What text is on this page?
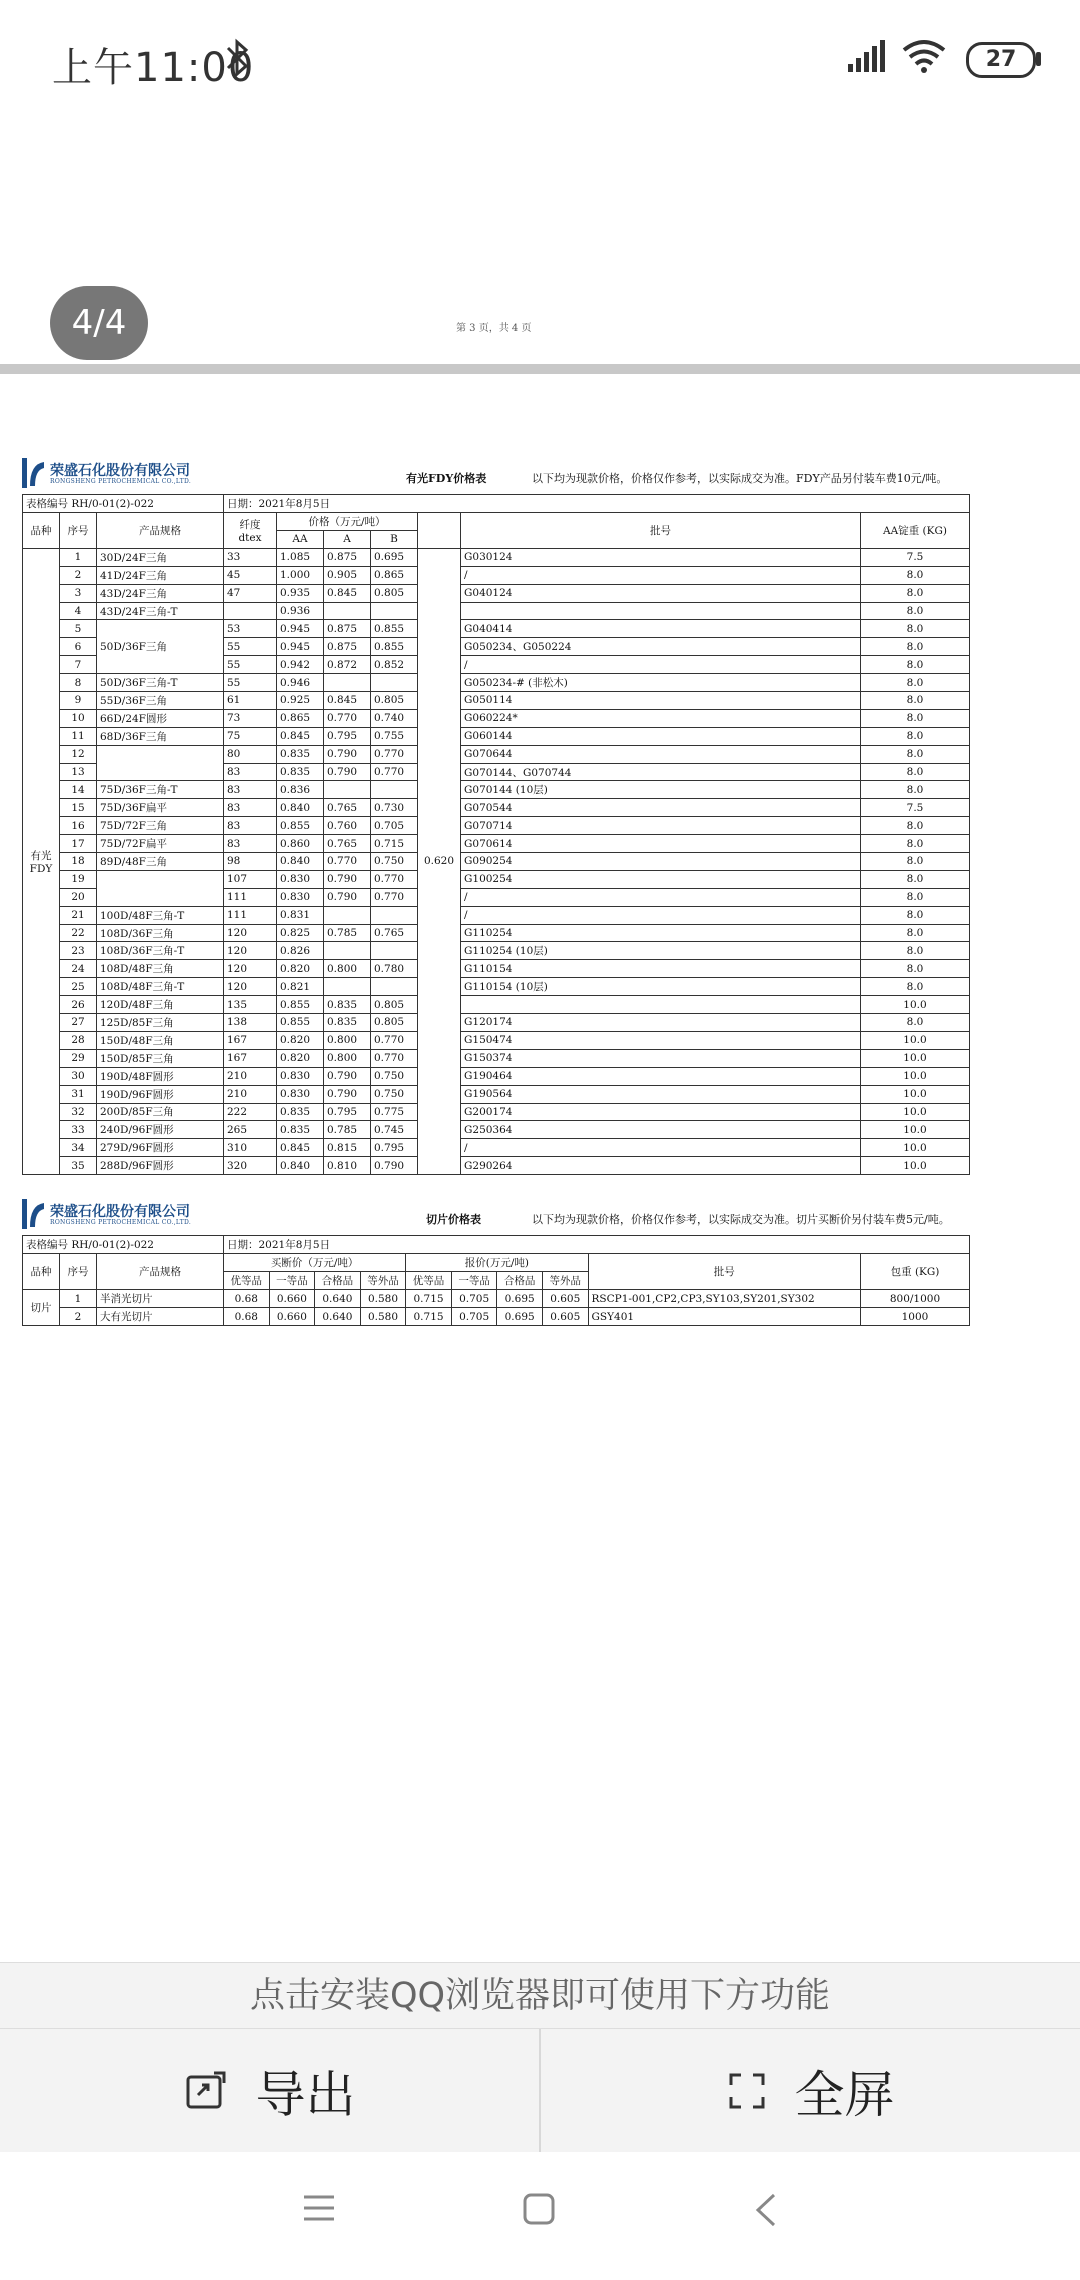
上午11:00	27
4/4	第 3 页，共 4 页
荣盛石化股份有限公司
RONGSHENG PETROCHEMICAL CO.,LTD.	有光FDY价格表	以下均为现款价格，价格仅作参考，以实际成交为准。FDY产品另付装车费10元/吨。
表格编号 RH/0-01(2)-022			日期：2021年8月5日						
品种	序号	产品规格	纤度 dtex	价格（万元/吨）				批号	AA锭重 (KG)
				AA	A	B			
有光 FDY	1	30D/24F三角	33	1.085	0.875	0.695	0.620	G030124	7.5
	2	41D/24F三角	45	1.000	0.905	0.865		/	8.0
	3	43D/24F三角	47	0.935	0.845	0.805		G040124	8.0
	4	43D/24F三角-T		0.936					8.0
	5	50D/36F三角	53	0.945	0.875	0.855		G040414	8.0
	6		55	0.945	0.875	0.855		G050234、G050224	8.0
	7		55	0.942	0.872	0.852		/	8.0
	8	50D/36F三角-T	55	0.946				G050234-# (非松木)	8.0
	9	55D/36F三角	61	0.925	0.845	0.805		G050114	8.0
	10	66D/24F圆形	73	0.865	0.770	0.740		G060224*	8.0
	11	68D/36F三角	75	0.845	0.795	0.755		G060144	8.0
	12		80	0.835	0.790	0.770		G070644	8.0
	13		83	0.835	0.790	0.770		G070144、G070744	8.0
	14	75D/36F三角-T	83	0.836				G070144 (10层)	8.0
	15	75D/36F扁平	83	0.840	0.765	0.730		G070544	7.5
	16	75D/72F三角	83	0.855	0.760	0.705		G070714	8.0
	17	75D/72F扁平	83	0.860	0.765	0.715		G070614	8.0
	18	89D/48F三角	98	0.840	0.770	0.750		G090254	8.0
	19		107	0.830	0.790	0.770		G100254	8.0
	20		111	0.830	0.790	0.770		/	8.0
	21	100D/48F三角-T	111	0.831				/	8.0
	22	108D/36F三角	120	0.825	0.785	0.765		G110254	8.0
	23	108D/36F三角-T	120	0.826				G110254 (10层)	8.0
	24	108D/48F三角	120	0.820	0.800	0.780		G110154	8.0
	25	108D/48F三角-T	120	0.821				G110154 (10层)	8.0
	26	120D/48F三角	135	0.855	0.835	0.805			10.0
	27	125D/85F三角	138	0.855	0.835	0.805		G120174	8.0
	28	150D/48F三角	167	0.820	0.800	0.770		G150474	10.0
	29	150D/85F三角	167	0.820	0.800	0.770		G150374	10.0
	30	190D/48F圆形	210	0.830	0.790	0.750		G190464	10.0
	31	190D/96F圆形	210	0.830	0.790	0.750		G190564	10.0
	32	200D/85F三角	222	0.835	0.795	0.775		G200174	10.0
	33	240D/96F圆形	265	0.835	0.785	0.745		G250364	10.0
	34	279D/96F圆形	310	0.845	0.815	0.795		/	10.0
	35	288D/96F圆形	320	0.840	0.810	0.790		G290264	10.0
荣盛石化股份有限公司
RONGSHENG PETROCHEMICAL CO.,LTD.	切片价格表	以下均为现款价格，价格仅作参考，以实际成交为准。切片买断价另付装车费5元/吨。
表格编号 RH/0-01(2)-022			日期：2021年8月5日									
品种	序号	产品规格	买断价（万元/吨）				报价(万元/吨)				批号	包重 (KG)
			优等品	一等品	合格品	等外品	优等品	一等品	合格品	等外品		
切片	1	半消光切片	0.68	0.660	0.640	0.580	0.715	0.705	0.695	0.605	RSCP1-001,CP2,CP3,SY103,SY201,SY302	800/1000
	2	大有光切片	0.68	0.660	0.640	0.580	0.715	0.705	0.695	0.605	GSY401	1000
点击安装QQ浏览器即可使用下方功能
导出	全屏
